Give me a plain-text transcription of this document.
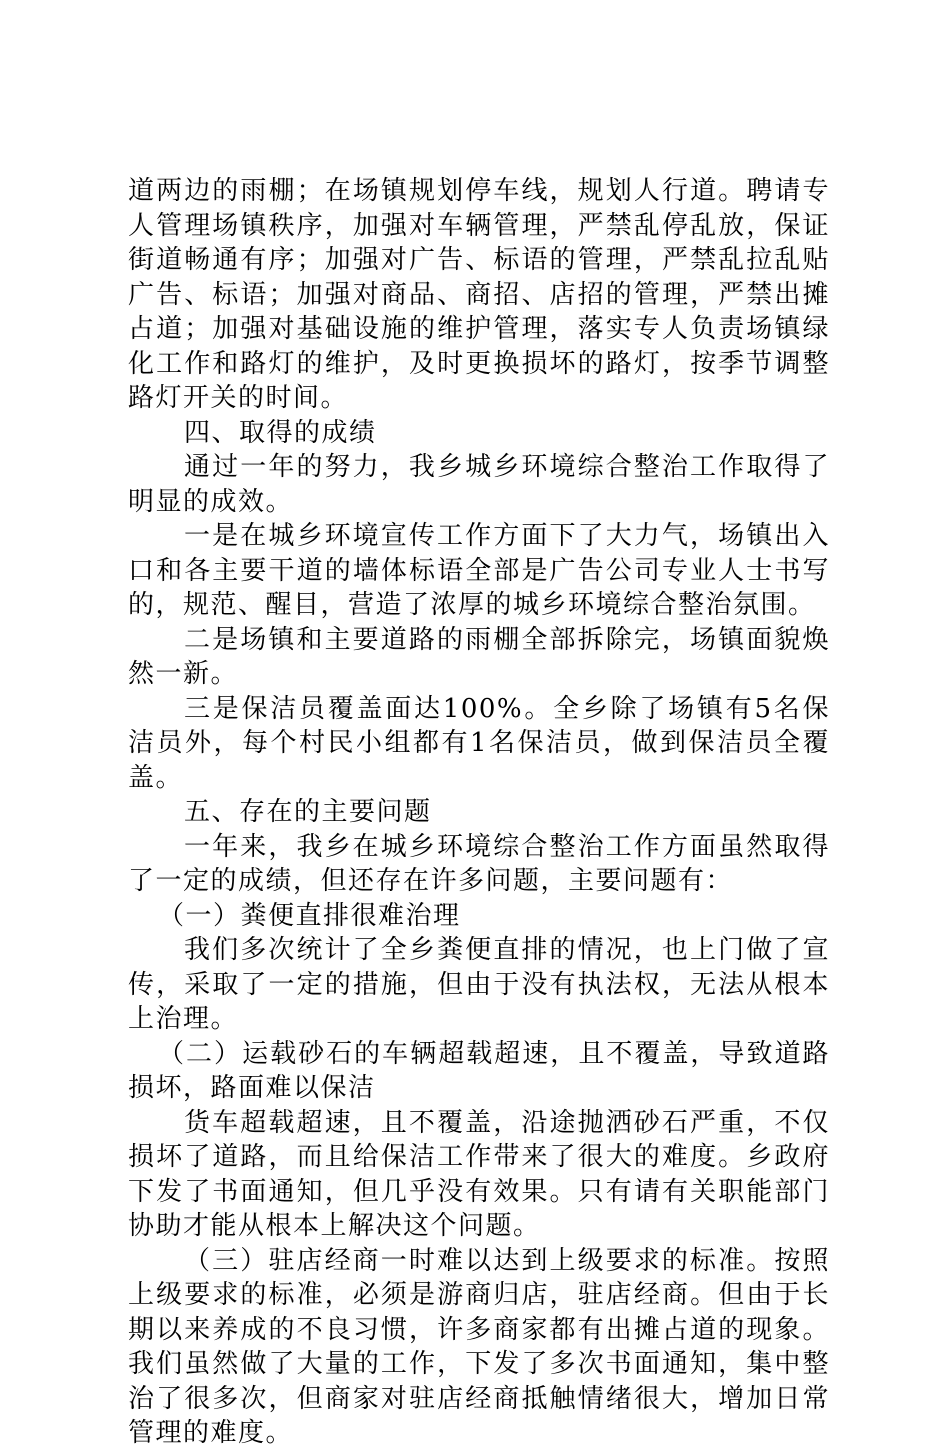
道两边的雨棚；在场镇规划停车线，规划人行道。聘请专人管理场镇秩序，加强对车辆管理，严禁乱停乱放，保证街道畅通有序；加强对广告、标语的管理，严禁乱拉乱贴广告、标语；加强对商品、商招、店招的管理，严禁出摊占道；加强对基础设施的维护管理，落实专人负责场镇绿化工作和路灯的维护，及时更换损坏的路灯，按季节调整路灯开关的时间。

四、取得的成绩

通过一年的努力，我乡城乡环境综合整治工作取得了明显的成效。

一是在城乡环境宣传工作方面下了大力气，场镇出入口和各主要干道的墙体标语全部是广告公司专业人士书写的，规范、醒目，营造了浓厚的城乡环境综合整治氛围。

二是场镇和主要道路的雨棚全部拆除完，场镇面貌焕然一新。

三是保洁员覆盖面达100%。全乡除了场镇有5名保洁员外，每个村民小组都有1名保洁员，做到保洁员全覆盖。

五、存在的主要问题

一年来，我乡在城乡环境综合整治工作方面虽然取得了一定的成绩，但还存在许多问题，主要问题有：

（一）粪便直排很难治理

我们多次统计了全乡粪便直排的情况，也上门做了宣传，采取了一定的措施，但由于没有执法权，无法从根本上治理。

（二）运载砂石的车辆超载超速，且不覆盖，导致道路损坏，路面难以保洁

货车超载超速，且不覆盖，沿途抛洒砂石严重，不仅损坏了道路，而且给保洁工作带来了很大的难度。乡政府下发了书面通知，但几乎没有效果。只有请有关职能部门协助才能从根本上解决这个问题。

（三）驻店经商一时难以达到上级要求的标准。按照上级要求的标准，必须是游商归店，驻店经商。但由于长期以来养成的不良习惯，许多商家都有出摊占道的现象。我们虽然做了大量的工作，下发了多次书面通知，集中整治了很多次，但商家对驻店经商抵触情绪很大，增加日常管理的难度。
